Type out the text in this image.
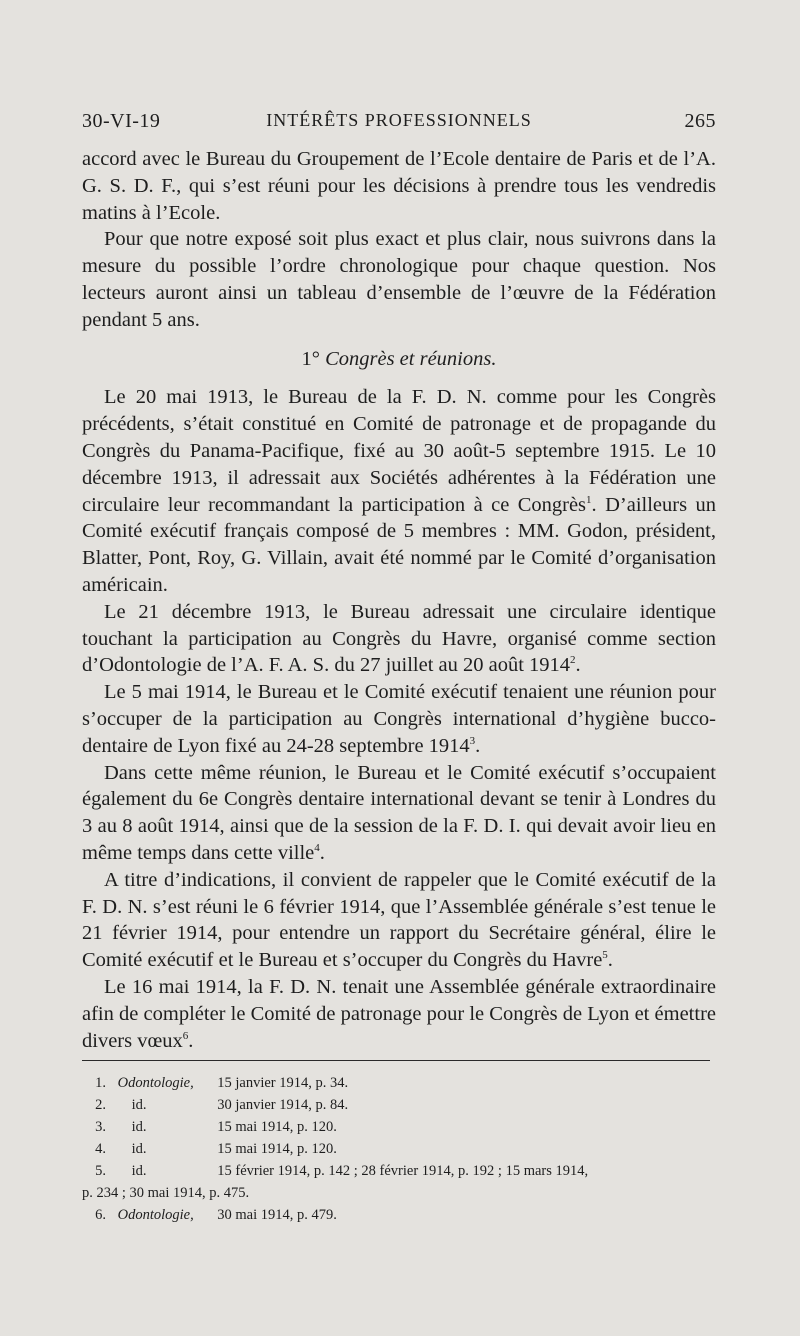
30-VI-19	INTÉRÊTS PROFESSIONNELS	265

accord avec le Bureau du Groupement de l’Ecole dentaire de Paris et de l’A. G. S. D. F., qui s’est réuni pour les décisions à prendre tous les vendredis matins à l’Ecole.

Pour que notre exposé soit plus exact et plus clair, nous suivrons dans la mesure du possible l’ordre chronologique pour chaque question. Nos lecteurs auront ainsi un tableau d’ensemble de l’œuvre de la Fédération pendant 5 ans.

1° Congrès et réunions.

Le 20 mai 1913, le Bureau de la F. D. N. comme pour les Congrès précédents, s’était constitué en Comité de patronage et de propagande du Congrès du Panama-Pacifique, fixé au 30 août-5 septembre 1915. Le 10 décembre 1913, il adressait aux Sociétés adhérentes à la Fédération une circulaire leur recommandant la participation à ce Congrès$^1$. D’ailleurs un Comité exécutif français composé de 5 membres : MM. Godon, président, Blatter, Pont, Roy, G. Villain, avait été nommé par le Comité d’organisation américain.

Le 21 décembre 1913, le Bureau adressait une circulaire identique touchant la participation au Congrès du Havre, organisé comme section d’Odontologie de l’A. F. A. S. du 27 juillet au 20 août 1914$^2$.

Le 5 mai 1914, le Bureau et le Comité exécutif tenaient une réunion pour s’occuper de la participation au Congrès international d’hygiène bucco-dentaire de Lyon fixé au 24-28 septembre 1914$^3$.

Dans cette même réunion, le Bureau et le Comité exécutif s’occupaient également du 6e Congrès dentaire international devant se tenir à Londres du 3 au 8 août 1914, ainsi que de la session de la F. D. I. qui devait avoir lieu en même temps dans cette ville$^4$.

A titre d’indications, il convient de rappeler que le Comité exécutif de la F. D. N. s’est réuni le 6 février 1914, que l’Assemblée générale s’est tenue le 21 février 1914, pour entendre un rapport du Secrétaire général, élire le Comité exécutif et le Bureau et s’occuper du Congrès du Havre$^5$.

Le 16 mai 1914, la F. D. N. tenait une Assemblée générale extraordinaire afin de compléter le Comité de patronage pour le Congrès de Lyon et émettre divers vœux$^6$.

1. Odontologie, 15 janvier 1914, p. 34.
2. id.	30 janvier 1914, p. 84.
3. id.	15 mai 1914, p. 120.
4. id.	15 mai 1914, p. 120.
5. id.	15 février 1914, p. 142 ; 28 février 1914, p. 192 ; 15 mars 1914,
p. 234 ; 30 mai 1914, p. 475.
6. Odontologie, 30 mai 1914, p. 479.
